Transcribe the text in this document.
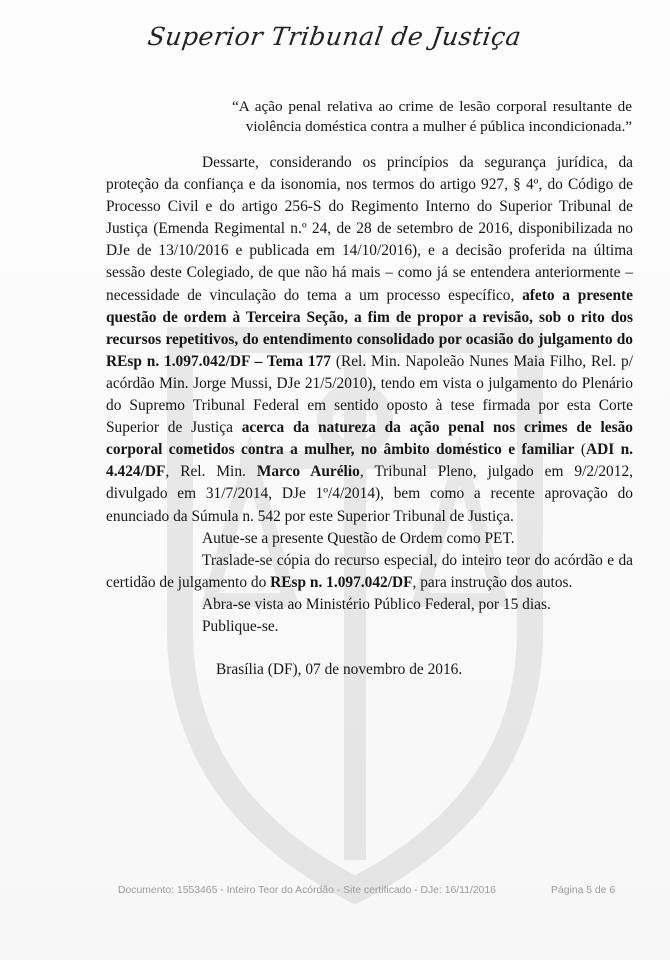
Superior Tribunal de Justiça
“A ação penal relativa ao crime de lesão corporal resultante de violência doméstica contra a mulher é pública incondicionada.”

Dessarte, considerando os princípios da segurança jurídica, da proteção da confiança e da isonomia, nos termos do artigo 927, § 4º, do Código de Processo Civil e do artigo 256-S do Regimento Interno do Superior Tribunal de Justiça (Emenda Regimental n.º 24, de 28 de setembro de 2016, disponibilizada no DJe de 13/10/2016 e publicada em 14/10/2016), e a decisão proferida na última sessão deste Colegiado, de que não há mais – como já se entendera anteriormente – necessidade de vinculação do tema a um processo específico, afeto a presente questão de ordem à Terceira Seção, a fim de propor a revisão, sob o rito dos recursos repetitivos, do entendimento consolidado por ocasião do julgamento do REsp n. 1.097.042/DF – Tema 177 (Rel. Min. Napoleão Nunes Maia Filho, Rel. p/ acórdão Min. Jorge Mussi, DJe 21/5/2010), tendo em vista o julgamento do Plenário do Supremo Tribunal Federal em sentido oposto à tese firmada por esta Corte Superior de Justiça acerca da natureza da ação penal nos crimes de lesão corporal cometidos contra a mulher, no âmbito doméstico e familiar (ADI n. 4.424/DF, Rel. Min. Marco Aurélio, Tribunal Pleno, julgado em 9/2/2012, divulgado em 31/7/2014, DJe 1º/4/2014), bem como a recente aprovação do enunciado da Súmula n. 542 por este Superior Tribunal de Justiça.

Autue-se a presente Questão de Ordem como PET.

Traslade-se cópia do recurso especial, do inteiro teor do acórdão e da certidão de julgamento do REsp n. 1.097.042/DF, para instrução dos autos.

Abra-se vista ao Ministério Público Federal, por 15 dias.

Publique-se.

Brasília (DF), 07 de novembro de 2016.
Documento: 1553465 - Inteiro Teor do Acórdão - Site certificado - DJe: 16/11/2016	Página 5 de 6
